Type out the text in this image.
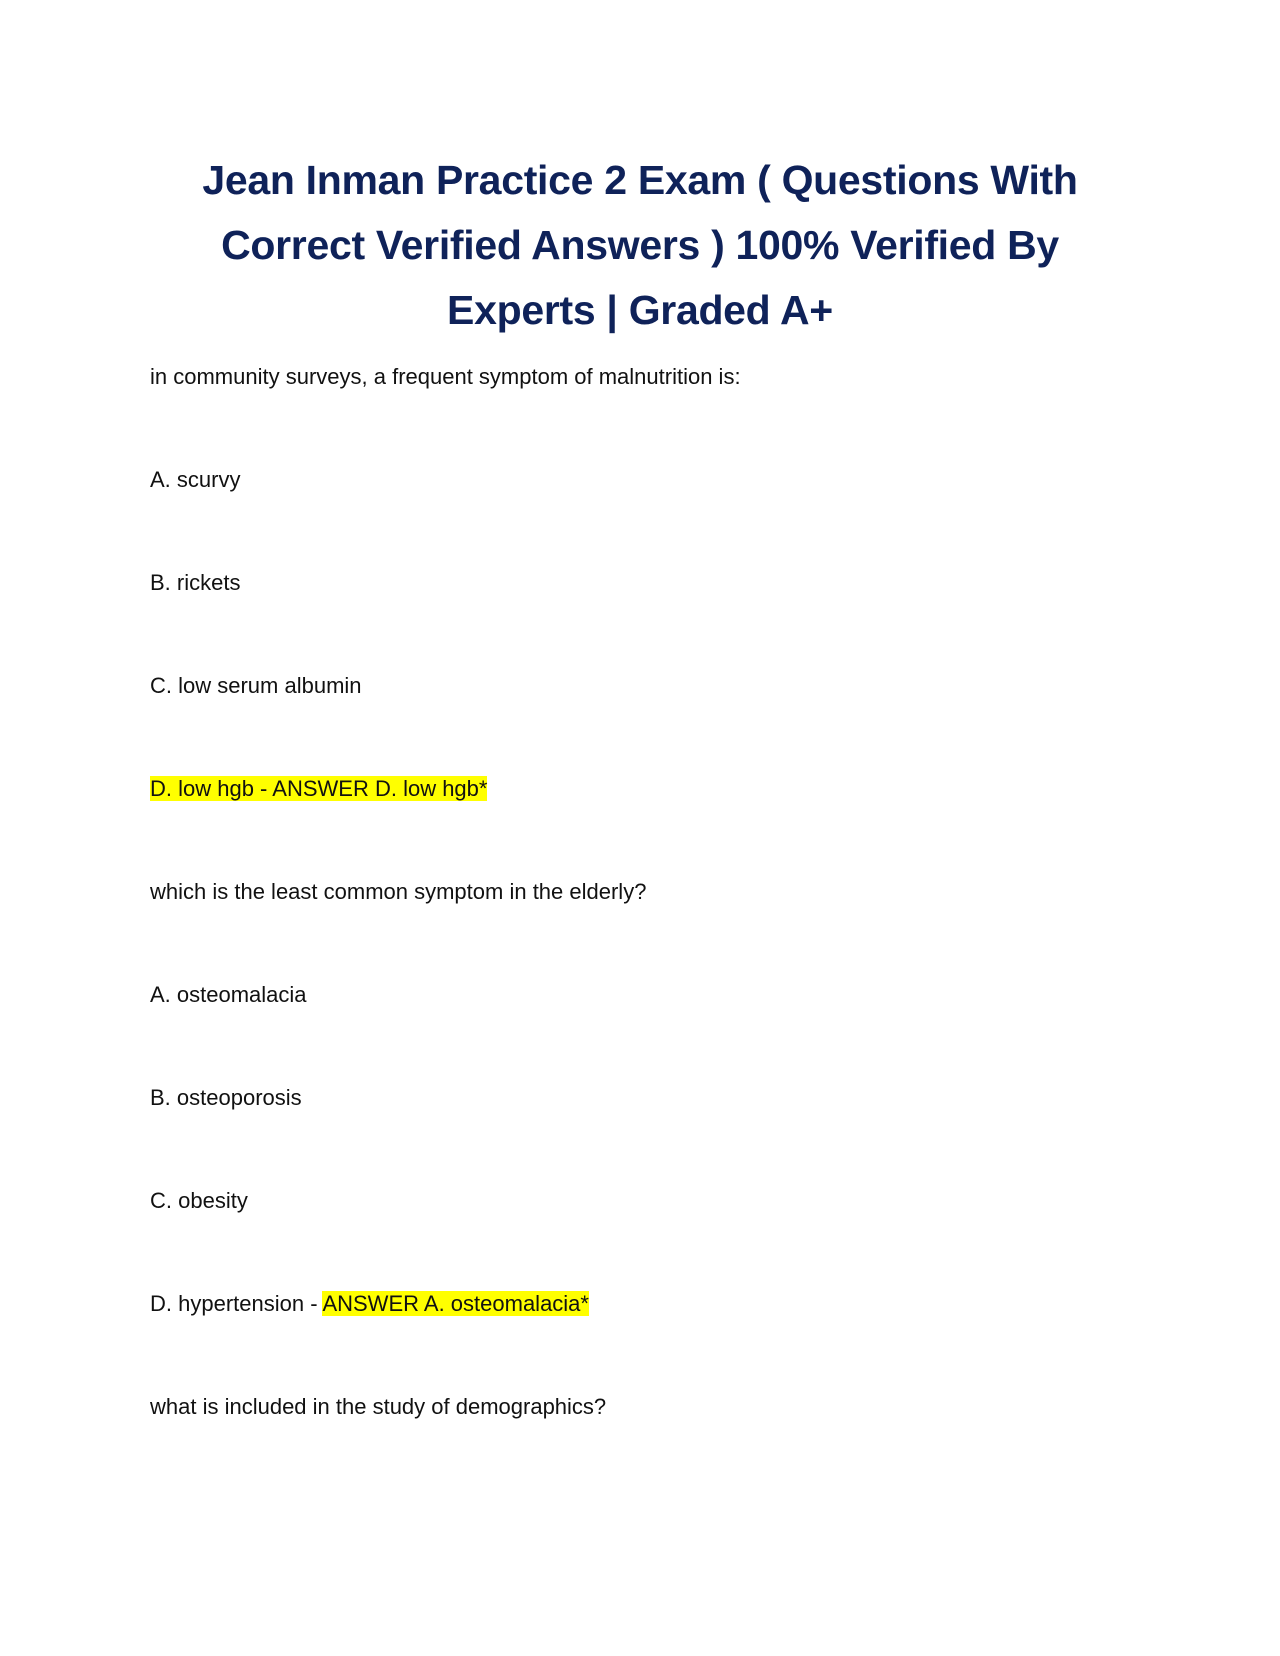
Jean Inman Practice 2 Exam ( Questions With
Correct Verified Answers ) 100% Verified By
Experts | Graded A+

in community surveys, a frequent symptom of malnutrition is:

A. scurvy

B. rickets

C. low serum albumin

D. low hgb - ANSWER D. low hgb*

which is the least common symptom in the elderly?

A. osteomalacia

B. osteoporosis

C. obesity

D. hypertension - ANSWER A. osteomalacia*

what is included in the study of demographics?
